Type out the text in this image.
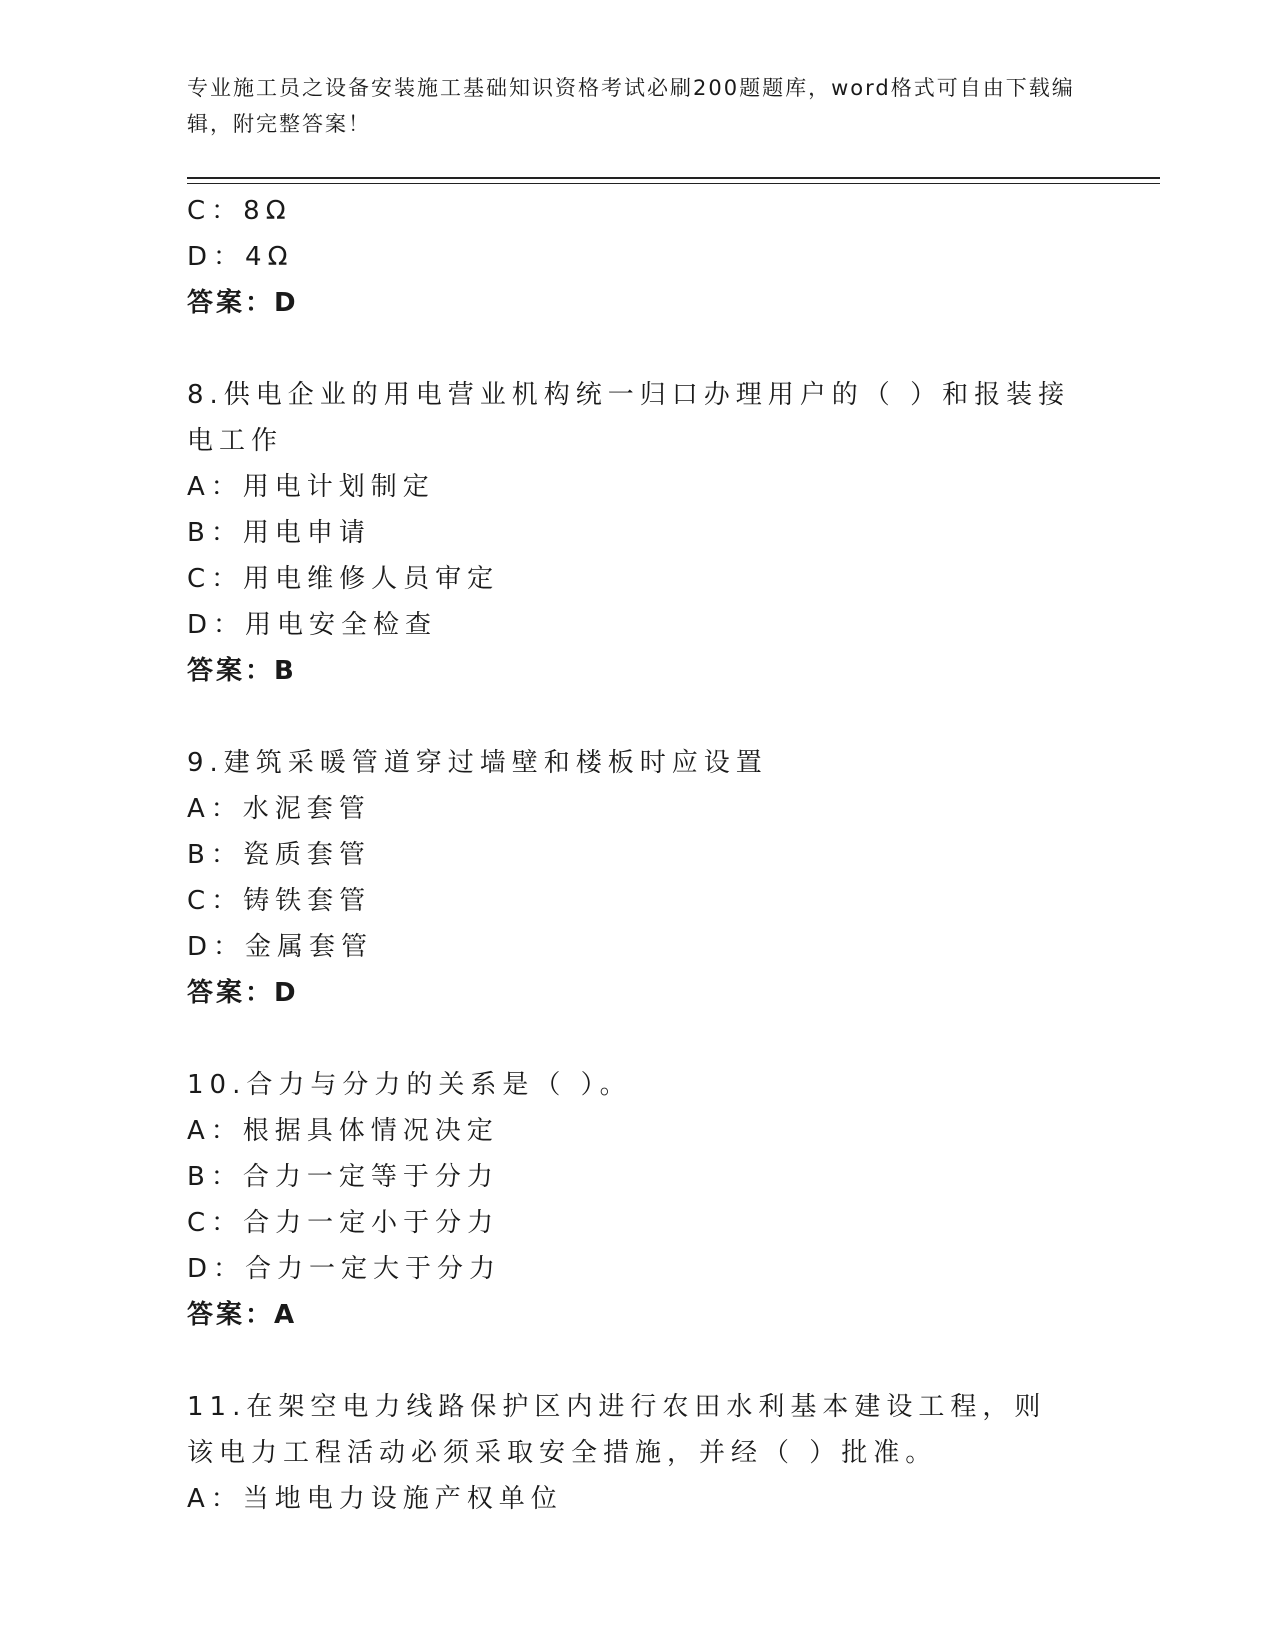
专业施工员之设备安装施工基础知识资格考试必刷200题题库，word格式可自由下载编辑，附完整答案！
C：8Ω
D：4Ω
答案：D
8.供电企业的用电营业机构统一归口办理用户的（ ）和报装接电工作
A：用电计划制定
B：用电申请
C：用电维修人员审定
D：用电安全检查
答案：B
9.建筑采暖管道穿过墙壁和楼板时应设置
A：水泥套管
B：瓷质套管
C：铸铁套管
D：金属套管
答案：D
10.合力与分力的关系是（ ）。
A：根据具体情况决定
B：合力一定等于分力
C：合力一定小于分力
D：合力一定大于分力
答案：A
11.在架空电力线路保护区内进行农田水利基本建设工程，则该电力工程活动必须采取安全措施，并经（ ）批准。
A：当地电力设施产权单位
